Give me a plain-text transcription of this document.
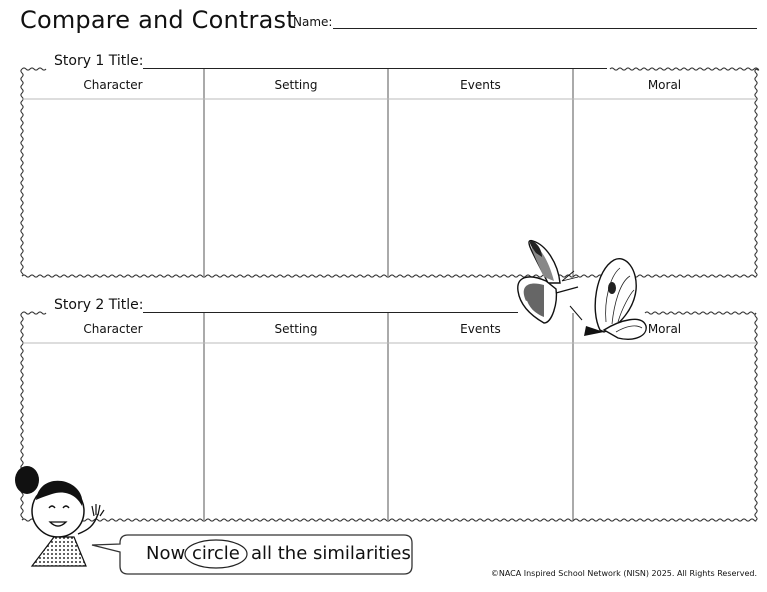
Compare and Contrast
Name:
Story 1 Title:
Character	Setting	Events	Moral
Story 2 Title:
Character	Setting	Events	Moral
Now circle all the similarities
©NACA Inspired School Network (NISN) 2025. All Rights Reserved.
